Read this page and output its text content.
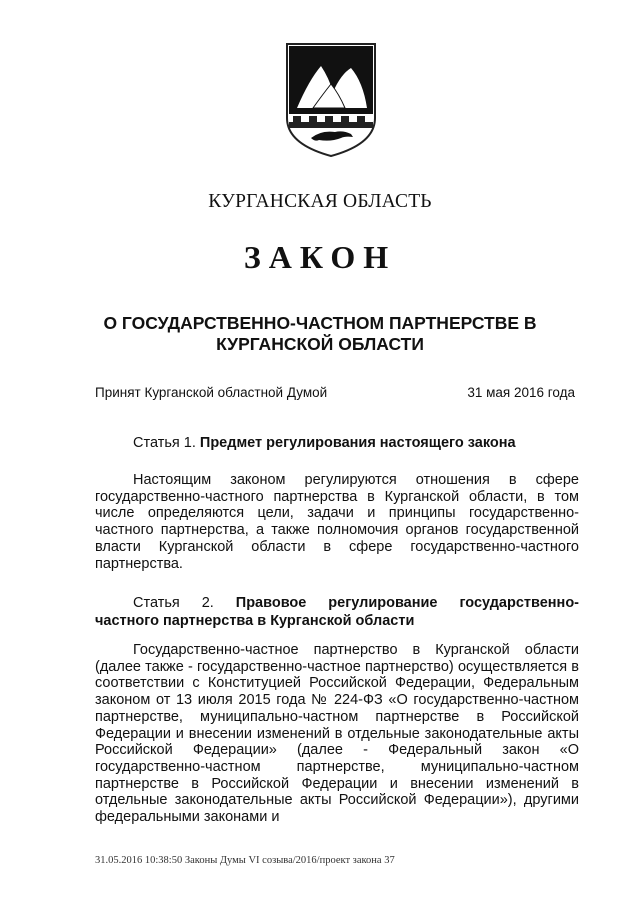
КУРГАНСКАЯ ОБЛАСТЬ
ЗАКОН
О ГОСУДАРСТВЕННО-ЧАСТНОМ ПАРТНЕРСТВЕ В
КУРГАНСКОЙ ОБЛАСТИ
Принят Курганской областной Думой	31 мая 2016 года
Статья 1. Предмет регулирования настоящего закона
Настоящим законом регулируются отношения в сфере государственно-частного партнерства в Курганской области, в том числе определяются цели, задачи и принципы государственно-частного партнерства, а также полномочия органов государственной власти Курганской области в сфере государственно-частного партнерства.
Статья 2. Правовое регулирование государственно-
частного партнерства в Курганской области
Государственно-частное партнерство в Курганской области (далее также - государственно-частное партнерство) осуществляется в соответствии с Конституцией Российской Федерации, Федеральным законом от 13 июля 2015 года № 224-ФЗ «О государственно-частном партнерстве, муниципально-частном партнерстве в Российской Федерации и внесении изменений в отдельные законодательные акты Российской Федерации» (далее - Федеральный закон «О государственно-частном партнерстве, муниципально-частном партнерстве в Российской Федерации и внесении изменений в отдельные законодательные акты Российской Федерации»), другими федеральными законами и
31.05.2016 10:38:50 Законы Думы VI созыва/2016/проект закона 37
